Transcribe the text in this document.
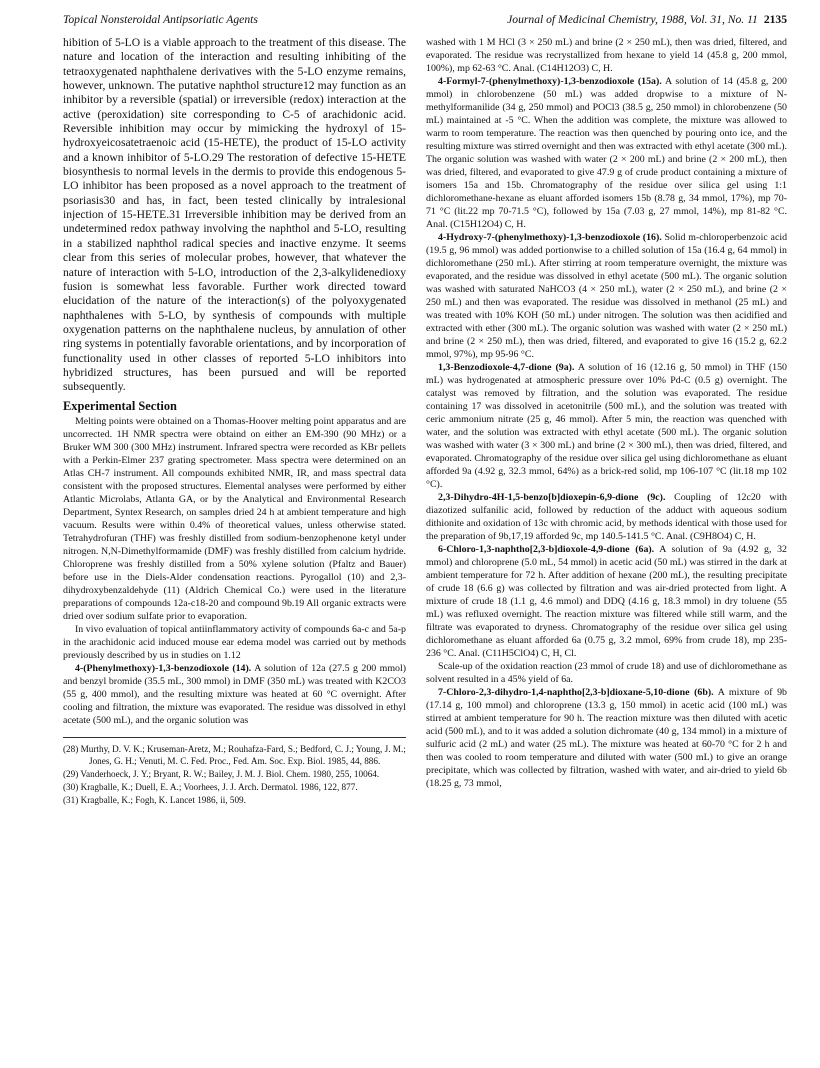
Topical Nonsteroidal Antipsoriatic Agents	Journal of Medicinal Chemistry, 1988, Vol. 31, No. 11 2135

hibition of 5-LO is a viable approach to the treatment of this disease. The nature and location of the interaction and resulting inhibiting of the tetraoxygenated naphthalene derivatives with the 5-LO enzyme remains, however, unknown. The putative naphthol structure12 may function as an inhibitor by a reversible (spatial) or irreversible (redox) interaction at the active (peroxidation) site corresponding to C-5 of arachidonic acid. Reversible inhibition may occur by mimicking the hydroxyl of 15-hydroxyeicosatetraenoic acid (15-HETE), the product of 15-LO activity and a known inhibitor of 5-LO.29 The restoration of defective 15-HETE biosynthesis to normal levels in the dermis to provide this endogenous 5-LO inhibitor has been proposed as a novel approach to the treatment of psoriasis30 and has, in fact, been tested clinically by intralesional injection of 15-HETE.31 Irreversible inhibition may be derived from an undetermined redox pathway involving the naphthol and 5-LO, resulting in a stabilized naphthol radical species and inactive enzyme. It seems clear from this series of molecular probes, however, that whatever the nature of interaction with 5-LO, introduction of the 2,3-alkylidenedioxy fusion is somewhat less favorable. Further work directed toward elucidation of the nature of the interaction(s) of the polyoxygenated naphthalenes with 5-LO, by synthesis of compounds with multiple oxygenation patterns on the naphthalene nucleus, by annulation of other ring systems in potentially favorable orientations, and by incorporation of functionality used in other classes of reported 5-LO inhibitors into hybridized structures, has been pursued and will be reported subsequently.

Experimental Section

Melting points were obtained on a Thomas-Hoover melting point apparatus and are uncorrected. 1H NMR spectra were obtaind on either an EM-390 (90 MHz) or a Bruker WM 300 (300 MHz) instrument. Infrared spectra were recorded as KBr pellets with a Perkin-Elmer 237 grating spectrometer. Mass spectra were determined on an Atlas CH-7 instrument. All compounds exhibited NMR, IR, and mass spectral data consistent with the proposed structures. Elemental analyses were performed by either Atlantic Microlabs, Atlanta GA, or by the Analytical and Environmental Research Department, Syntex Research, on samples dried 24 h at ambient temperature and high vacuum. Results were within 0.4% of theoretical values, unless otherwise stated. Tetrahydrofuran (THF) was freshly distilled from sodium-benzophenone ketyl under nitrogen. N,N-Dimethylformamide (DMF) was freshly distilled from calcium hydride. Chloroprene was freshly distilled from a 50% xylene solution (Pfaltz and Bauer) before use in the Diels-Alder condensation reactions. Pyrogallol (10) and 2,3-dihydroxybenzaldehyde (11) (Aldrich Chemical Co.) were used in the literature preparations of compounds 12a-c18-20 and compound 9b.19 All organic extracts were dried over sodium sulfate prior to evaporation.

In vivo evaluation of topical antiinflammatory activity of compounds 6a-c and 5a-p in the arachidonic acid induced mouse ear edema model was carried out by methods previously described by us in studies on 1.12

4-(Phenylmethoxy)-1,3-benzodioxole (14). A solution of 12a (27.5 g 200 mmol) and benzyl bromide (35.5 mL, 300 mmol) in DMF (350 mL) was treated with K2CO3 (55 g, 400 mmol), and the resulting mixture was heated at 60 °C overnight. After cooling and filtration, the mixture was evaporated. The residue was dissolved in ethyl acetate (500 mL), and the organic solution was

(28) Murthy, D. V. K.; Kruseman-Aretz, M.; Rouhafza-Fard, S.; Bedford, C. J.; Young, J. M.; Jones, G. H.; Venuti, M. C. Fed. Proc., Fed. Am. Soc. Exp. Biol. 1985, 44, 886.

(29) Vanderhoeck, J. Y.; Bryant, R. W.; Bailey, J. M. J. Biol. Chem. 1980, 255, 10064.

(30) Kragballe, K.; Duell, E. A.; Voorhees, J. J. Arch. Dermatol. 1986, 122, 877.

(31) Kragballe, K.; Fogh, K. Lancet 1986, ii, 509.

washed with 1 M HCl (3 × 250 mL) and brine (2 × 250 mL), then was dried, filtered, and evaporated. The residue was recrystallized from hexane to yield 14 (45.8 g, 200 mmol, 100%), mp 62-63 °C. Anal. (C14H12O3) C, H.

4-Formyl-7-(phenylmethoxy)-1,3-benzodioxole (15a). A solution of 14 (45.8 g, 200 mmol) in chlorobenzene (50 mL) was added dropwise to a mixture of N-methylformanilide (34 g, 250 mmol) and POCl3 (38.5 g, 250 mmol) in chlorobenzene (50 mL) maintained at -5 °C. When the addition was complete, the mixture was allowed to warm to room temperature. The reaction was then quenched by pouring onto ice, and the resulting mixture was stirred overnight and then was extracted with ethyl acetate (300 mL). The organic solution was washed with water (2 × 200 mL) and brine (2 × 200 mL), then was dried, filtered, and evaporated to give 47.9 g of crude product containing a mixture of isomers 15a and 15b. Chromatography of the residue over silica gel using 1:1 dichloromethane-hexane as eluant afforded isomers 15b (8.78 g, 34 mmol, 17%), mp 70-71 °C (lit.22 mp 70-71.5 °C), followed by 15a (7.03 g, 27 mmol, 14%), mp 81-82 °C. Anal. (C15H12O4) C, H.

4-Hydroxy-7-(phenylmethoxy)-1,3-benzodioxole (16). Solid m-chloroperbenzoic acid (19.5 g, 96 mmol) was added portionwise to a chilled solution of 15a (16.4 g, 64 mmol) in dichloromethane (250 mL). After stirring at room temperature overnight, the mixture was evaporated, and the residue was dissolved in ethyl acetate (500 mL). The organic solution was washed with saturated NaHCO3 (4 × 250 mL), water (2 × 250 mL), and brine (2 × 250 mL) and then was evaporated. The residue was dissolved in methanol (25 mL) and was treated with 10% KOH (50 mL) under nitrogen. The solution was then acidified and extracted with ether (300 mL). The organic solution was washed with water (2 × 250 mL) and brine (2 × 250 mL), then was dried, filtered, and evaporated to give 16 (15.2 g, 62.2 mmol, 97%), mp 95-96 °C.

1,3-Benzodioxole-4,7-dione (9a). A solution of 16 (12.16 g, 50 mmol) in THF (150 mL) was hydrogenated at atmospheric pressure over 10% Pd-C (0.5 g) overnight. The catalyst was removed by filtration, and the solution was evaporated. The residue containing 17 was dissolved in acetonitrile (500 mL), and the solution was treated with ceric ammonium nitrate (25 g, 46 mmol). After 5 min, the reaction was quenched with water, and the solution was extracted with ethyl acetate (500 mL). The organic solution was washed with water (3 × 300 mL) and brine (2 × 300 mL), then was dried, filtered, and evaporated. Chromatography of the residue over silica gel using dichloromethane as eluant afforded 9a (4.92 g, 32.3 mmol, 64%) as a brick-red solid, mp 106-107 °C (lit.18 mp 102 °C).

2,3-Dihydro-4H-1,5-benzo[b]dioxepin-6,9-dione (9c). Coupling of 12c20 with diazotized sulfanilic acid, followed by reduction of the adduct with aqueous sodium dithionite and oxidation of 13c with chromic acid, by methods identical with those used for the preparation of 9b,17,19 afforded 9c, mp 140.5-141.5 °C. Anal. (C9H8O4) C, H.

6-Chloro-1,3-naphtho[2,3-b]dioxole-4,9-dione (6a). A solution of 9a (4.92 g, 32 mmol) and chloroprene (5.0 mL, 54 mmol) in acetic acid (50 mL) was stirred in the dark at ambient temperature for 72 h. After addition of hexane (200 mL), the resulting precipitate of crude 18 (6.6 g) was collected by filtration and was air-dried protected from light. A mixture of crude 18 (1.1 g, 4.6 mmol) and DDQ (4.16 g, 18.3 mmol) in dry toluene (55 mL) was refluxed overnight. The reaction mixture was filtered while still warm, and the filtrate was evaporated to dryness. Chromatography of the residue over silica gel using dichloromethane as eluant afforded 6a (0.75 g, 3.2 mmol, 69% from crude 18), mp 235-236 °C. Anal. (C11H5ClO4) C, H, Cl.

Scale-up of the oxidation reaction (23 mmol of crude 18) and use of dichloromethane as solvent resulted in a 45% yield of 6a.

7-Chloro-2,3-dihydro-1,4-naphtho[2,3-b]dioxane-5,10-dione (6b). A mixture of 9b (17.14 g, 100 mmol) and chloroprene (13.3 g, 150 mmol) in acetic acid (100 mL) was stirred at ambient temperature for 90 h. The reaction mixture was then diluted with acetic acid (500 mL), and to it was added a solution dichromate (40 g, 134 mmol) in a mixture of sulfuric acid (2 mL) and water (25 mL). The mixture was heated at 60-70 °C for 2 h and then was cooled to room temperature and diluted with water (500 mL) to give an orange precipitate, which was collected by filtration, washed with water, and air-dried to yield 6b (18.25 g, 73 mmol,
